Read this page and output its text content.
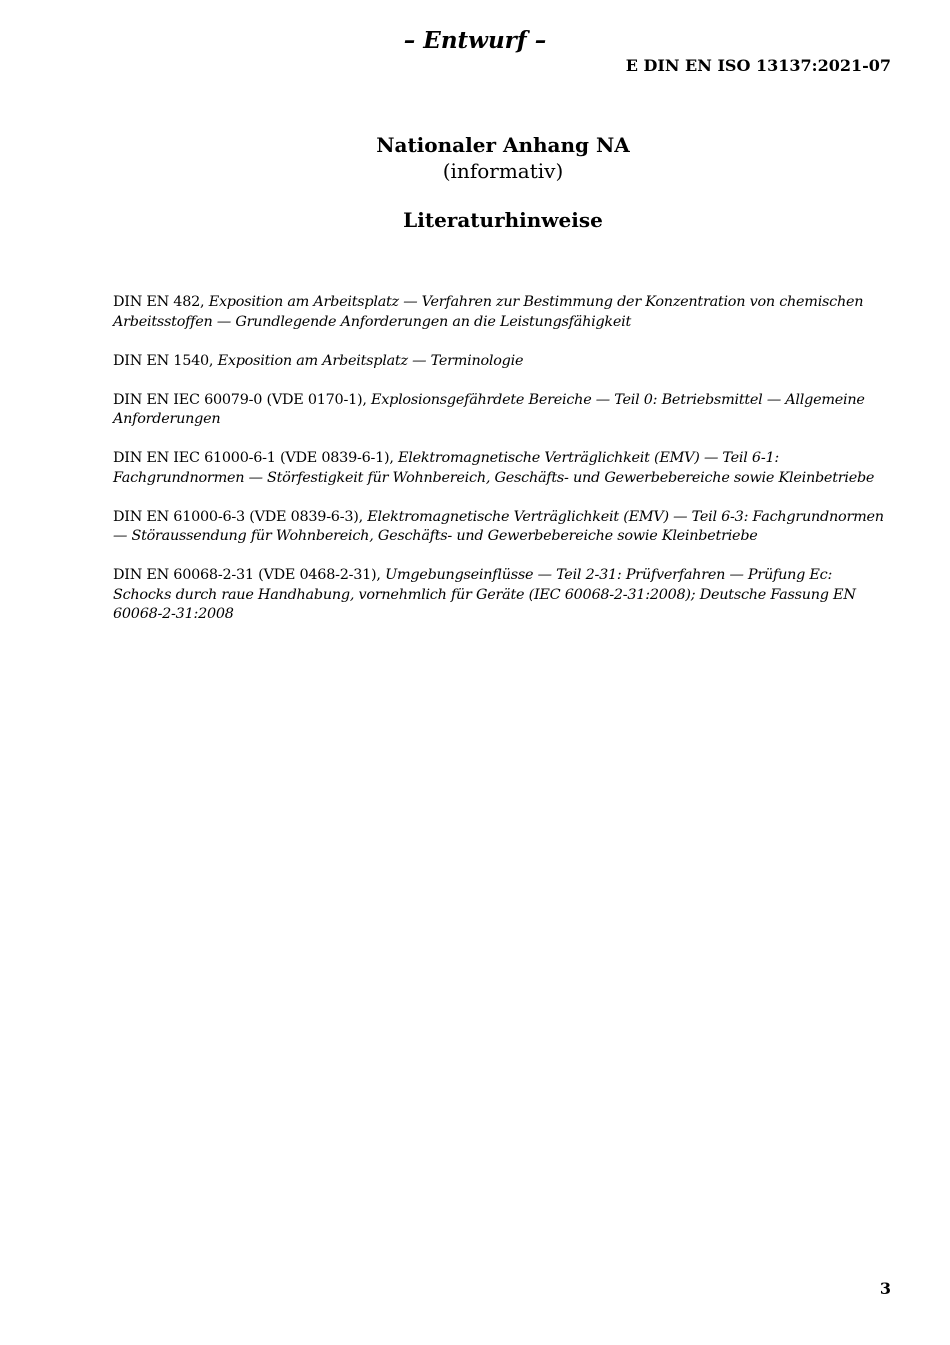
– Entwurf –

E DIN EN ISO 13137:2021-07

Nationaler Anhang NA

(informativ)

Literaturhinweise
DIN EN 482, Exposition am Arbeitsplatz — Verfahren zur Bestimmung der Konzentration von chemischen Arbeitsstoffen — Grundlegende Anforderungen an die Leistungsfähigkeit
DIN EN 1540, Exposition am Arbeitsplatz — Terminologie
DIN EN IEC 60079-0 (VDE 0170-1), Explosionsgefährdete Bereiche — Teil 0: Betriebsmittel — Allgemeine Anforderungen
DIN EN IEC 61000-6-1 (VDE 0839-6-1), Elektromagnetische Verträglichkeit (EMV) — Teil 6-1: Fachgrundnormen — Störfestigkeit für Wohnbereich, Geschäfts- und Gewerbebereiche sowie Kleinbetriebe
DIN EN 61000-6-3 (VDE 0839-6-3), Elektromagnetische Verträglichkeit (EMV) — Teil 6-3: Fachgrundnormen — Störaussendung für Wohnbereich, Geschäfts- und Gewerbebereiche sowie Kleinbetriebe
DIN EN 60068-2-31 (VDE 0468-2-31), Umgebungseinflüsse — Teil 2-31: Prüfverfahren — Prüfung Ec: Schocks durch raue Handhabung, vornehmlich für Geräte (IEC 60068-2-31:2008); Deutsche Fassung EN 60068-2-31:2008

3
